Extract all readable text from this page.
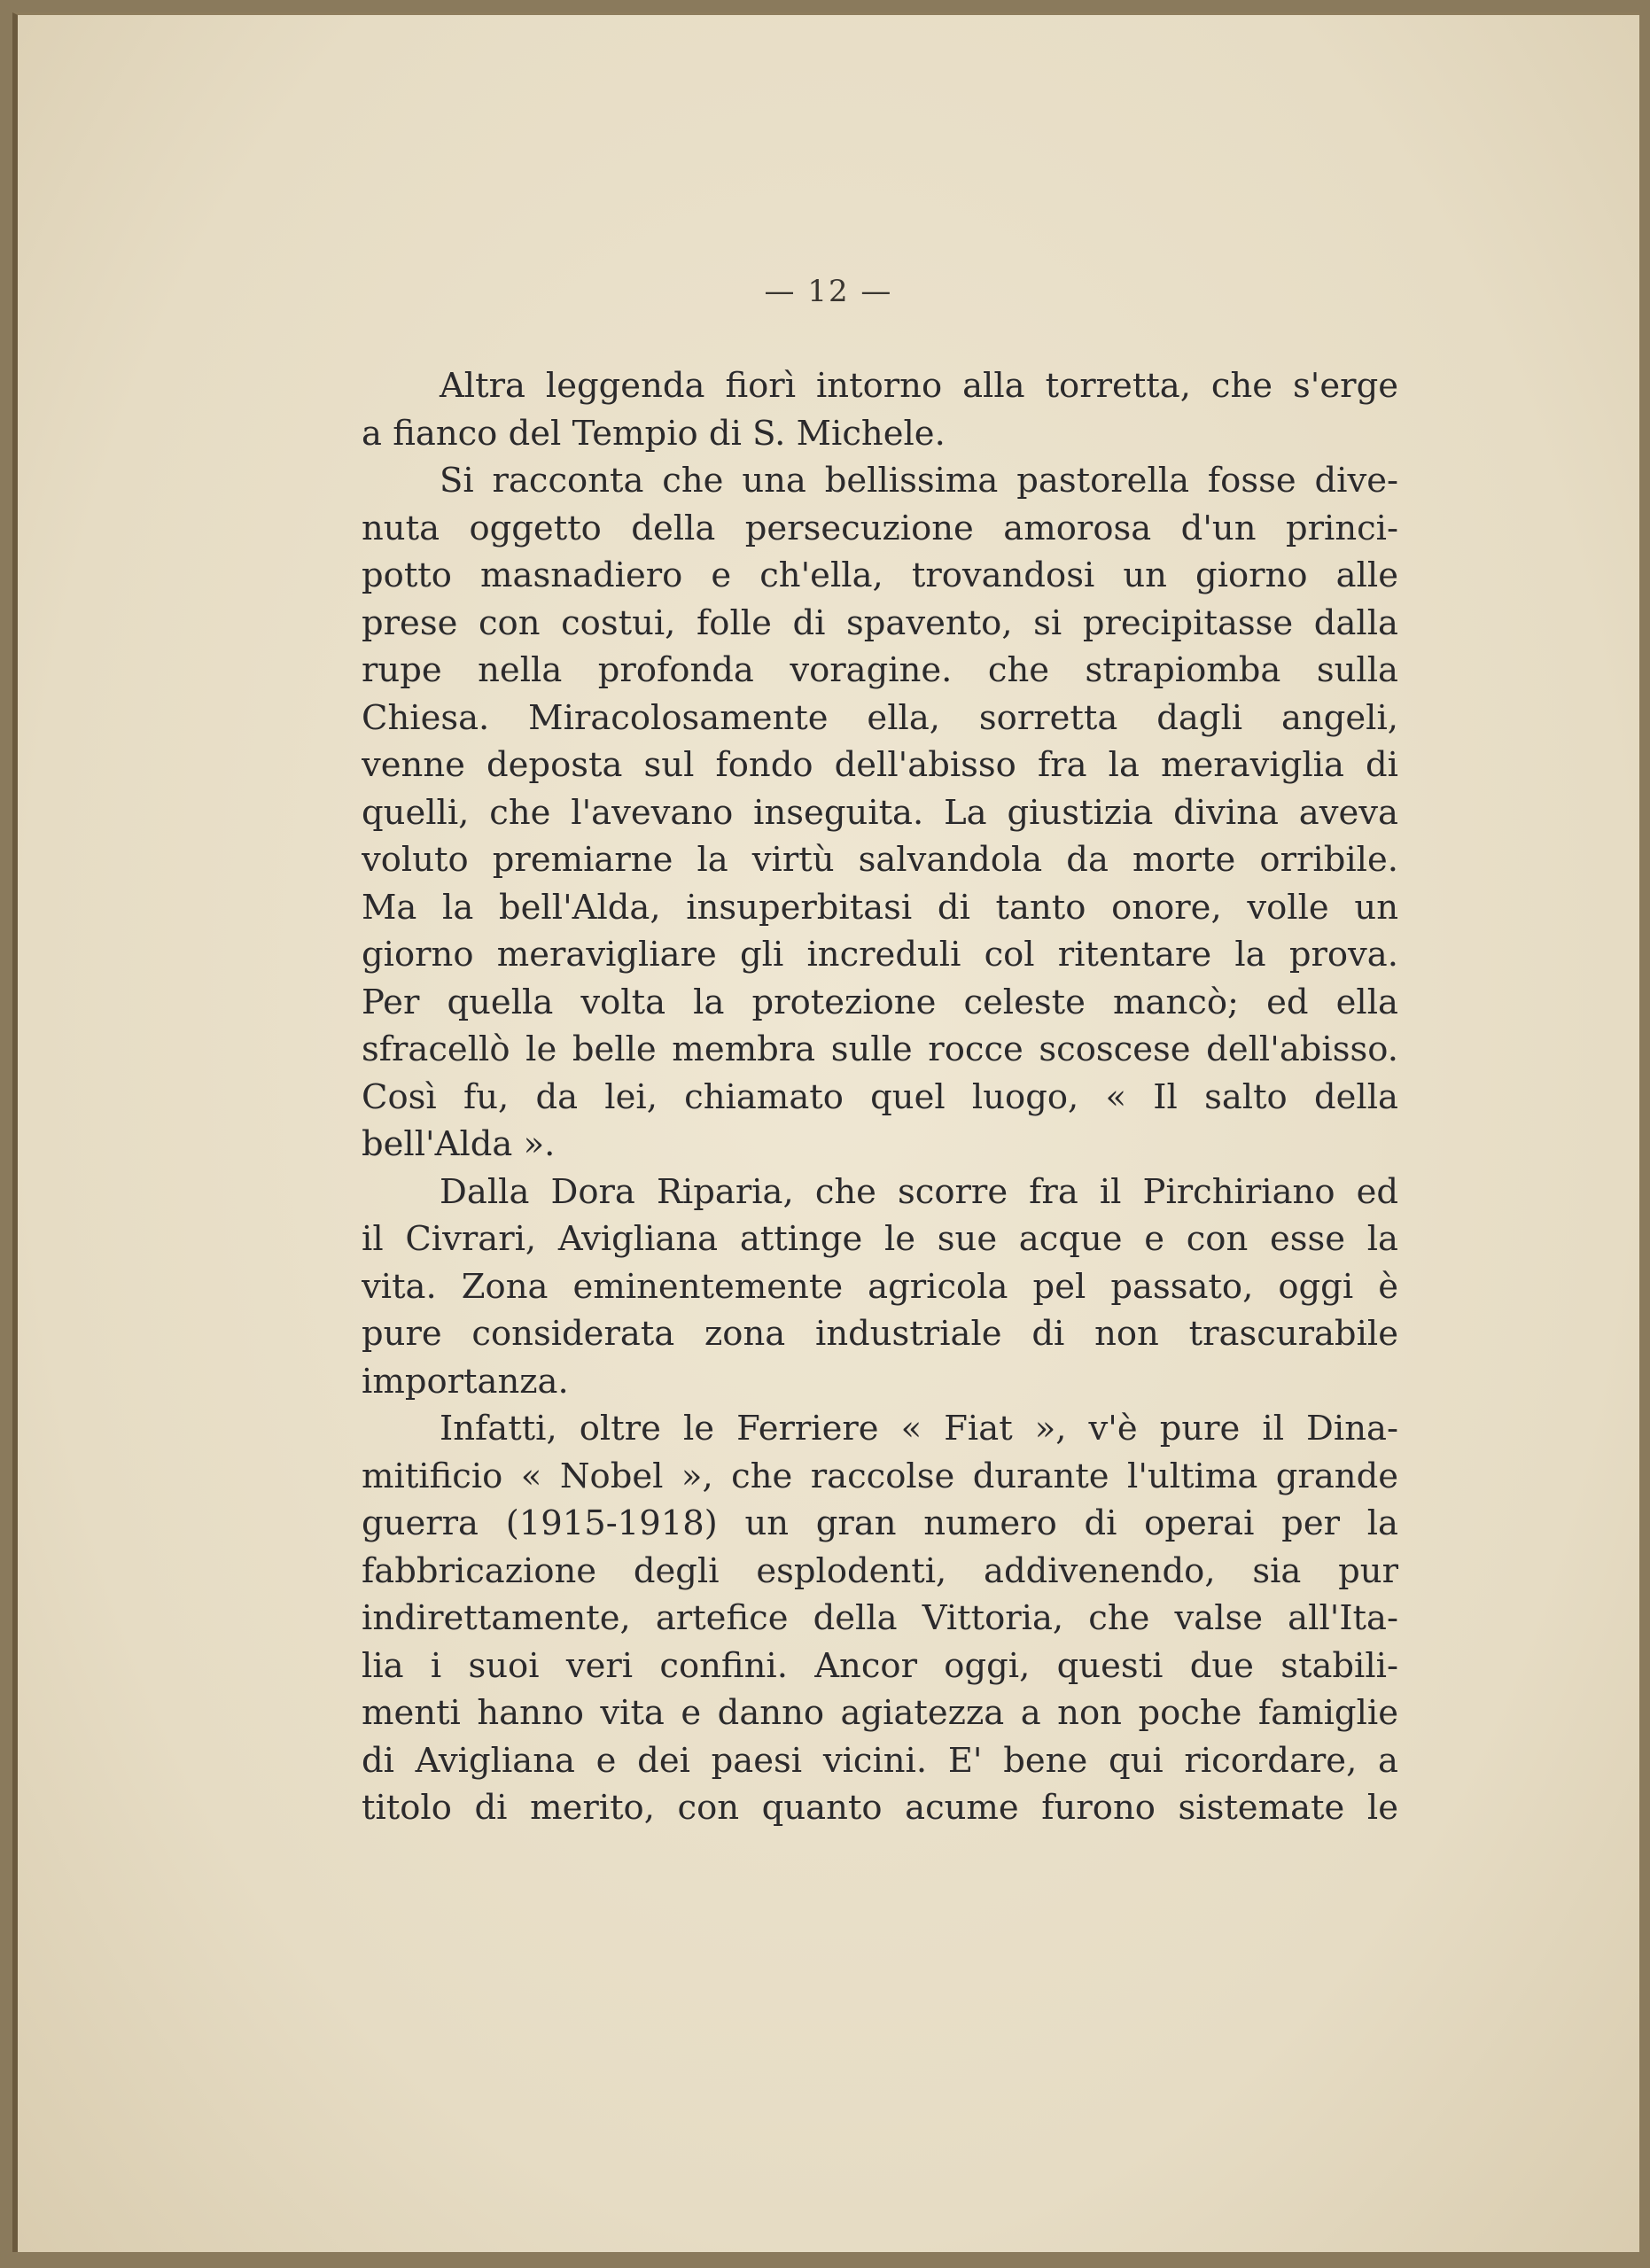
— 12 —
Altra leggenda fiorì intorno alla torretta, che s'erge
a fianco del Tempio di S. Michele.
Si racconta che una bellissima pastorella fosse dive-
nuta oggetto della persecuzione amorosa d'un princi-
potto masnadiero e ch'ella, trovandosi un giorno alle
prese con costui, folle di spavento, si precipitasse dalla
rupe nella profonda voragine. che strapiomba sulla
Chiesa. Miracolosamente ella, sorretta dagli angeli,
venne deposta sul fondo dell'abisso fra la meraviglia di
quelli, che l'avevano inseguita. La giustizia divina aveva
voluto premiarne la virtù salvandola da morte orribile.
Ma la bell'Alda, insuperbitasi di tanto onore, volle un
giorno meravigliare gli increduli col ritentare la prova.
Per quella volta la protezione celeste mancò; ed ella
sfracellò le belle membra sulle rocce scoscese dell'abisso.
Così fu, da lei, chiamato quel luogo, « Il salto della
bell'Alda ».
Dalla Dora Riparia, che scorre fra il Pirchiriano ed
il Civrari, Avigliana attinge le sue acque e con esse la
vita. Zona eminentemente agricola pel passato, oggi è
pure considerata zona industriale di non trascurabile
importanza.
Infatti, oltre le Ferriere « Fiat », v'è pure il Dina-
mitificio « Nobel », che raccolse durante l'ultima grande
guerra (1915-1918) un gran numero di operai per la
fabbricazione degli esplodenti, addivenendo, sia pur
indirettamente, artefice della Vittoria, che valse all'Ita-
lia i suoi veri confini. Ancor oggi, questi due stabili-
menti hanno vita e danno agiatezza a non poche famiglie
di Avigliana e dei paesi vicini. E' bene qui ricordare, a
titolo di merito, con quanto acume furono sistemate le
